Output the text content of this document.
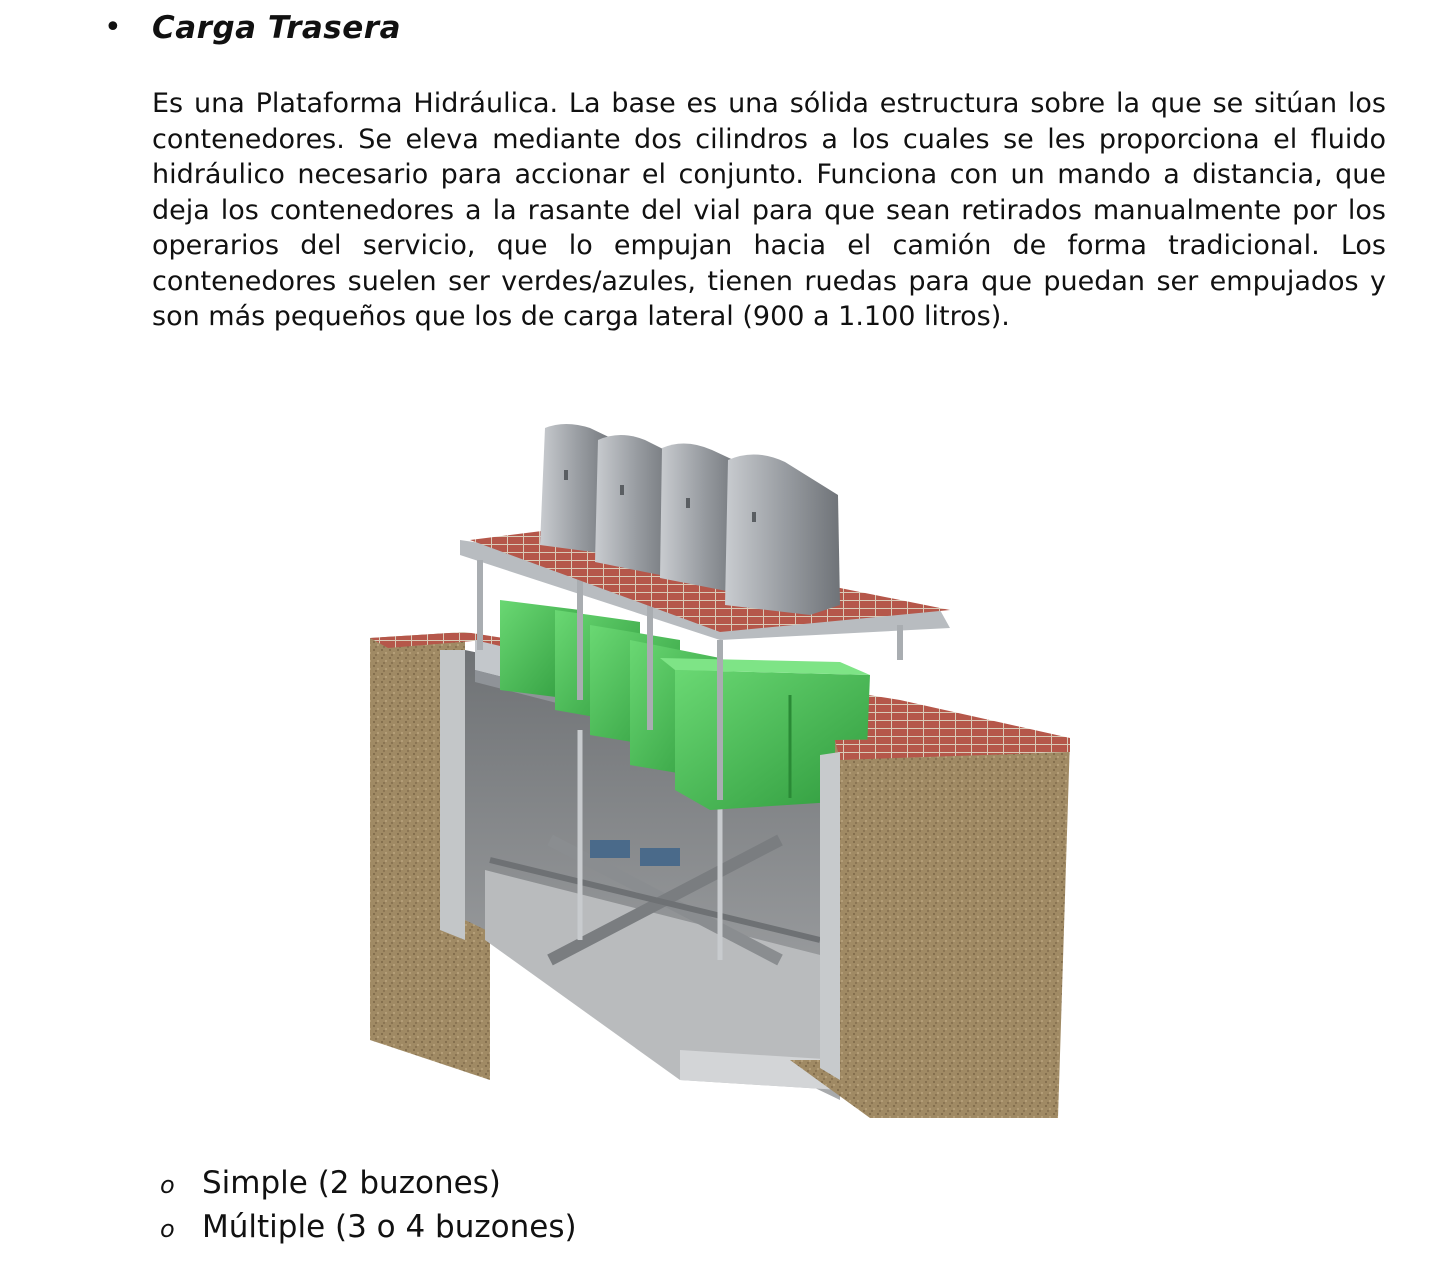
• Carga Trasera

Es una Plataforma Hidráulica. La base es una sólida estructura sobre la que se sitúan los contenedores. Se eleva mediante dos cilindros a los cuales se les proporciona el fluido hidráulico necesario para accionar el conjunto. Funciona con un mando a distancia, que deja los contenedores a la rasante del vial para que sean retirados manualmente por los operarios del servicio, que lo empujan hacia el camión de forma tradicional. Los contenedores suelen ser verdes/azules, tienen ruedas para que puedan ser empujados y son más pequeños que los de carga lateral (900 a 1.100 litros).

o Simple (2 buzones)
o Múltiple (3 o 4 buzones)
